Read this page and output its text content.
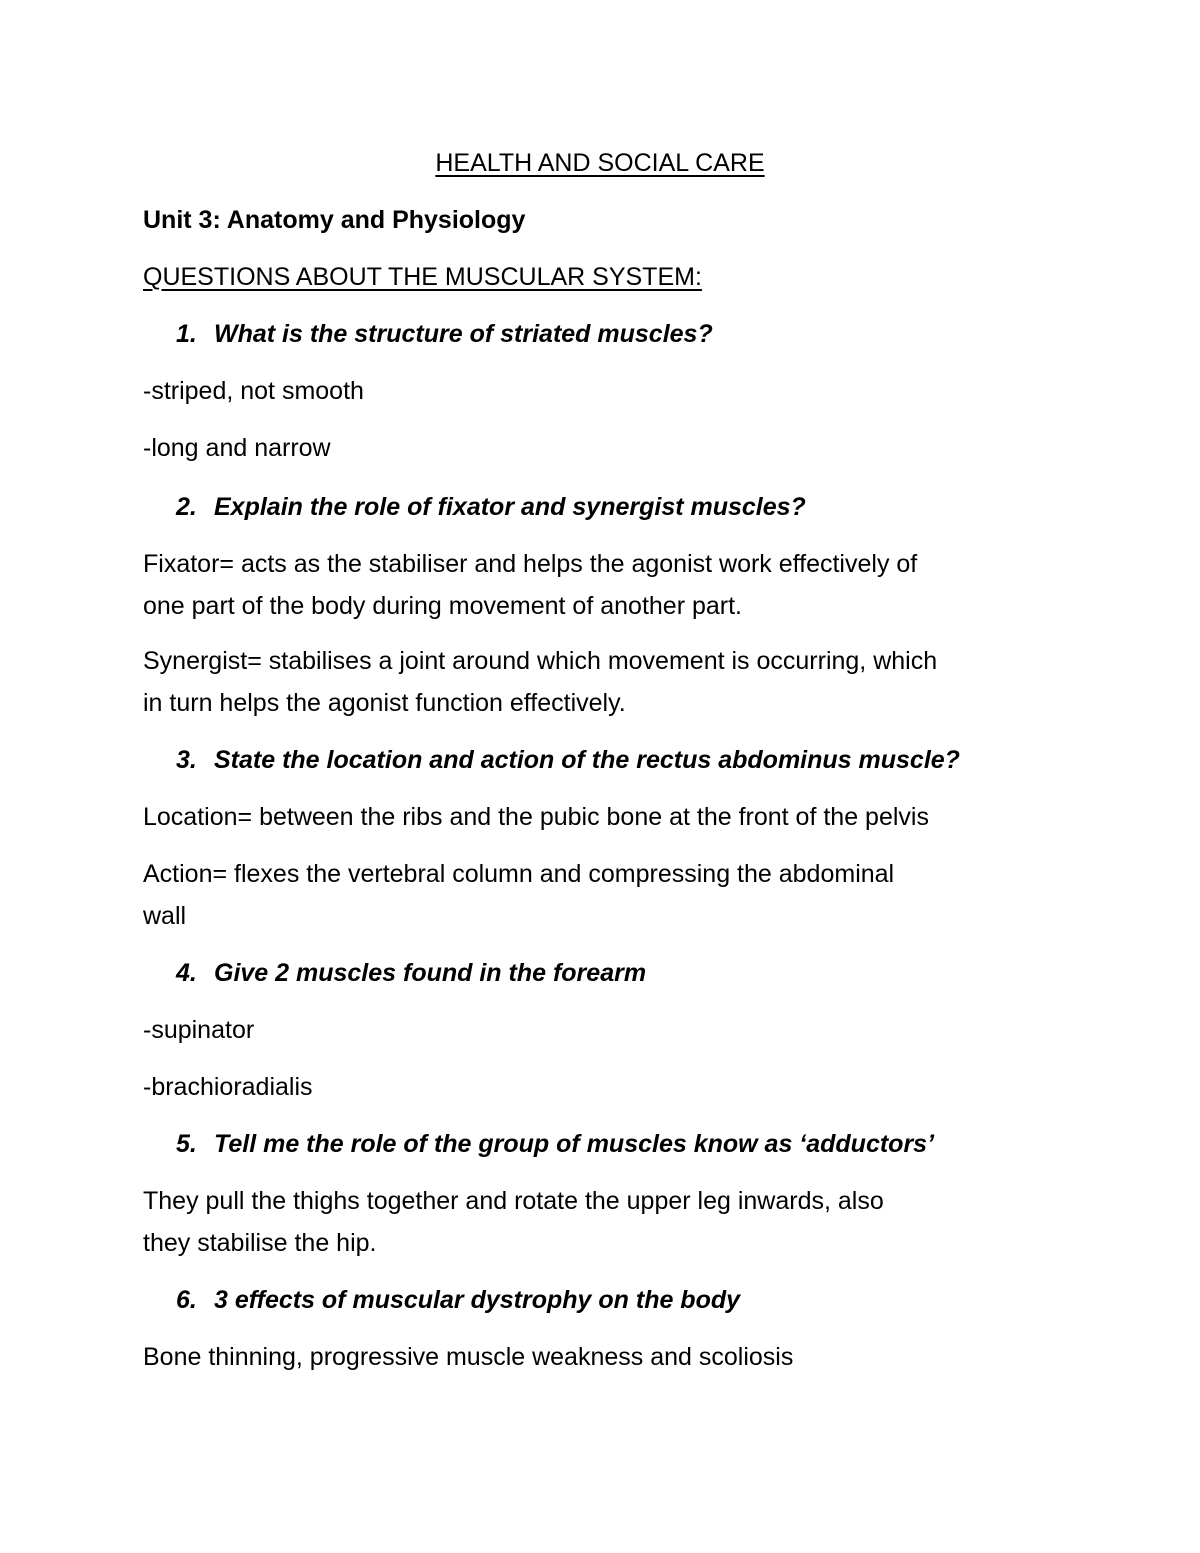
HEALTH AND SOCIAL CARE
Unit 3: Anatomy and Physiology
QUESTIONS ABOUT THE MUSCULAR SYSTEM:
1. What is the structure of striated muscles?
-striped, not smooth
-long and narrow
2. Explain the role of fixator and synergist muscles?
Fixator= acts as the stabiliser and helps the agonist work effectively of
one part of the body during movement of another part.
Synergist= stabilises a joint around which movement is occurring, which
in turn helps the agonist function effectively.
3. State the location and action of the rectus abdominus muscle?
Location= between the ribs and the pubic bone at the front of the pelvis
Action= flexes the vertebral column and compressing the abdominal
wall
4. Give 2 muscles found in the forearm
-supinator
-brachioradialis
5. Tell me the role of the group of muscles know as ‘adductors’
They pull the thighs together and rotate the upper leg inwards, also
they stabilise the hip.
6. 3 effects of muscular dystrophy on the body
Bone thinning, progressive muscle weakness and scoliosis
